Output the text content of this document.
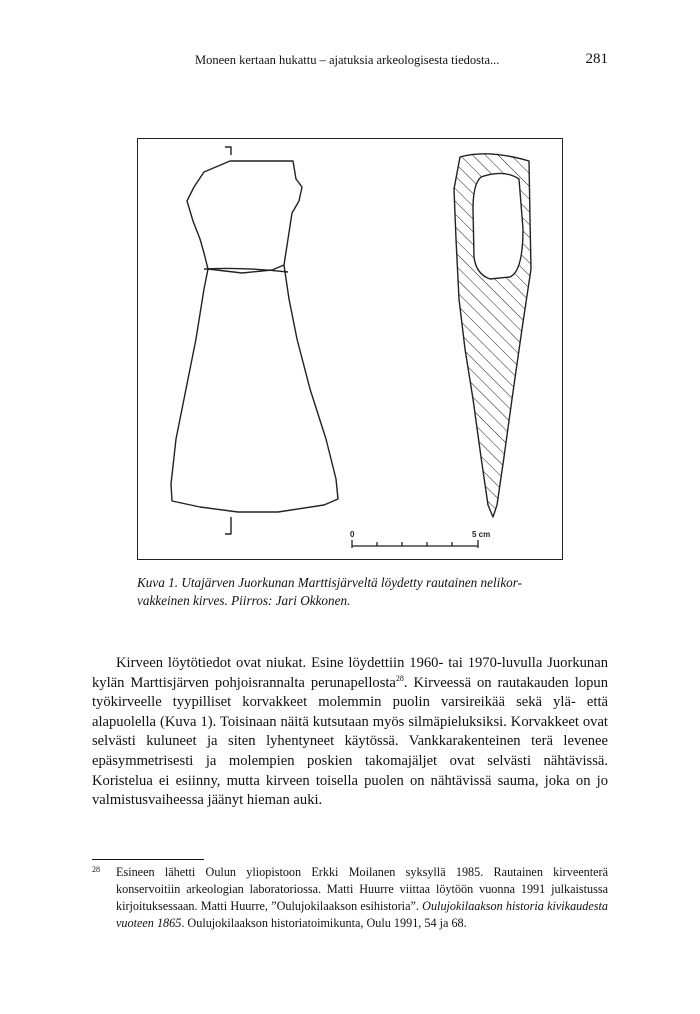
Moneen kertaan hukattu – ajatuksia arkeologisesta tiedosta...	281
0	5 cm
Kuva 1. Utajärven Juorkunan Marttisjärveltä löydetty rautainen nelikor- vakkeinen kirves. Piirros: Jari Okkonen.

Kirveen löytötiedot ovat niukat. Esine löydettiin 1960- tai 1970-luvulla Juorkunan kylän Marttisjärven pohjoisrannalta perunapellosta$^{28}$. Kirveessä on rautakauden lopun työkirveelle tyypilliset korvakkeet molemmin puolin varsireikää sekä ylä- että alapuolella (Kuva 1). Toisinaan näitä kutsutaan myös silmäpieluksiksi. Korvakkeet ovat selvästi kuluneet ja siten lyhentyneet käytössä. Vankkarakenteinen terä levenee epäsymmetrisesti ja molempien poskien takomajäljet ovat selvästi nähtävissä. Koristelua ei esiinny, mutta kirveen toisella puolen on nähtävissä sauma, joka on jo valmistusvaiheessa jäänyt hieman auki.

28 Esineen lähetti Oulun yliopistoon Erkki Moilanen syksyllä 1985. Rautainen kirveenterä konservoitiin arkeologian laboratoriossa. Matti Huurre viittaa löytöön vuonna 1991 julkaistussa kirjoituksessaan. Matti Huurre, ”Oulujokilaakson esihistoria”. Oulujokilaakson historia kivikaudesta vuoteen 1865. Oulujokilaakson historiatoimikunta, Oulu 1991, 54 ja 68.
